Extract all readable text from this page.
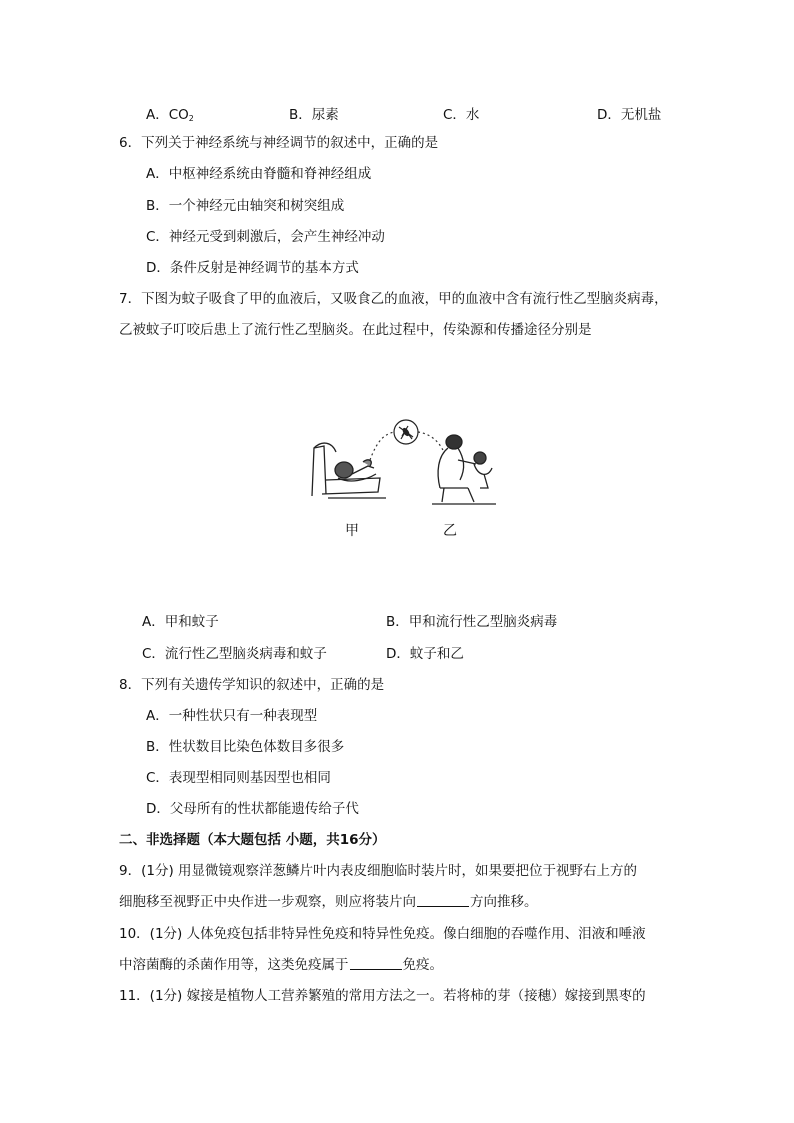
A．CO2	B．尿素	C．水	D．无机盐
6．下列关于神经系统与神经调节的叙述中，正确的是
A．中枢神经系统由脊髓和脊神经组成
B．一个神经元由轴突和树突组成
C．神经元受到刺激后，会产生神经冲动
D．条件反射是神经调节的基本方式
7．下图为蚊子吸食了甲的血液后，又吸食乙的血液，甲的血液中含有流行性乙型脑炎病毒，
乙被蚊子叮咬后患上了流行性乙型脑炎。在此过程中，传染源和传播途径分别是
甲	乙
A．甲和蚊子	B．甲和流行性乙型脑炎病毒
C．流行性乙型脑炎病毒和蚊子	D．蚊子和乙
8．下列有关遗传学知识的叙述中，正确的是
A．一种性状只有一种表现型
B．性状数目比染色体数目多很多
C．表现型相同则基因型也相同
D．父母所有的性状都能遗传给子代
二、非选择题（本大题包括 小题，共16分）
9．(1分) 用显微镜观察洋葱鳞片叶内表皮细胞临时装片时，如果要把位于视野右上方的
细胞移至视野正中央作进一步观察，则应将装片向	方向推移。
10．(1分) 人体免疫包括非特异性免疫和特异性免疫。像白细胞的吞噬作用、泪液和唾液
中溶菌酶的杀菌作用等，这类免疫属于	免疫。
11．(1分) 嫁接是植物人工营养繁殖的常用方法之一。若将柿的芽（接穗）嫁接到黑枣的
